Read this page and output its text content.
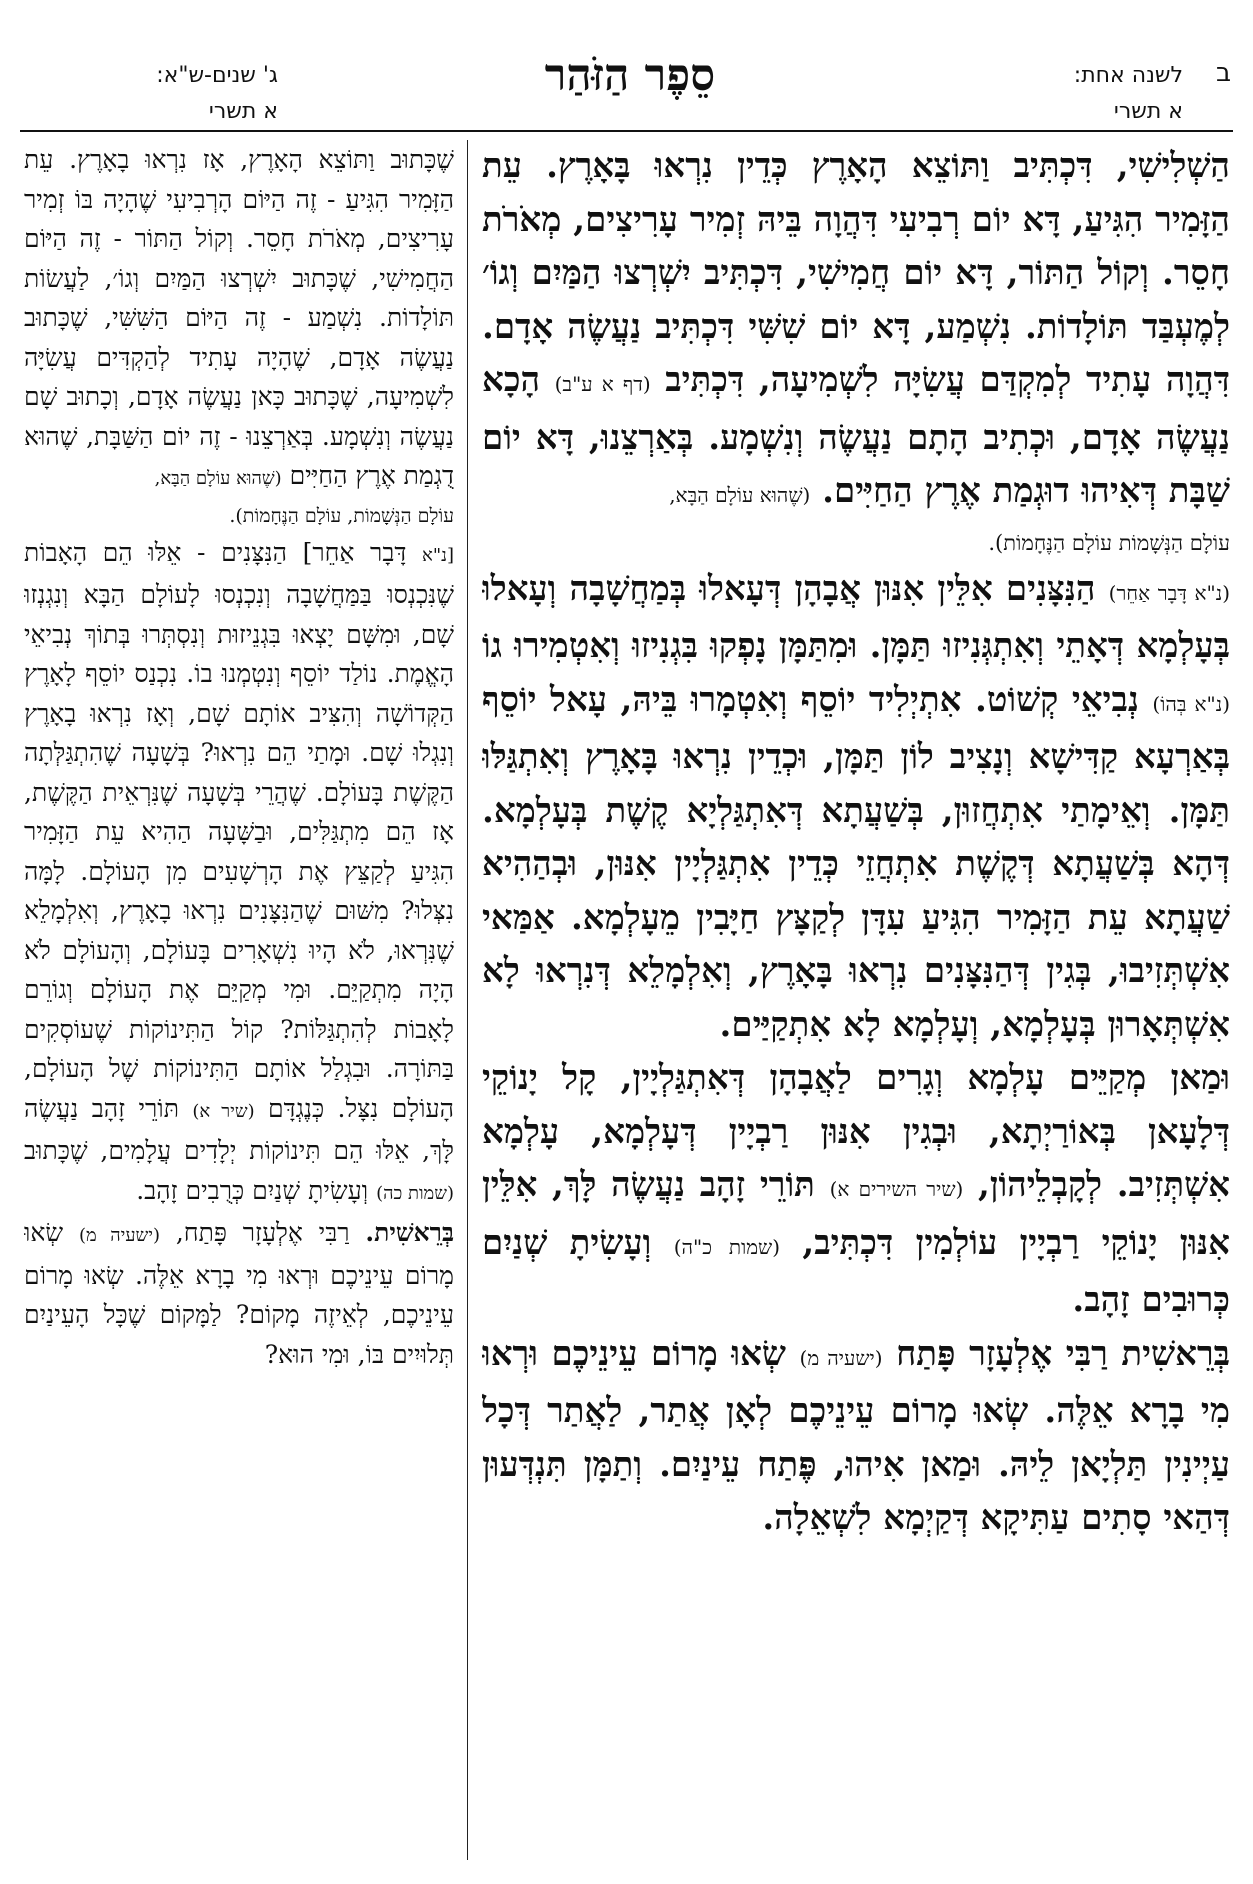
ב
לשנה אחת:
א תשרי
סֵפֶר הַזֹּהַר
ג' שנים-ש"א:
א תשרי

הַשְׁלִישִׁי, דִּכְתִּיב וַתּוֹצֵא הָאָרֶץ כְּדֵין נִרְאוּ בָּאָרֶץ. עֵת הַזָּמִיר הִגִּיעַ, דָּא יוֹם רְבִיעִי דִּהֲוָה בֵּיהּ זְמִיר עָרִיצִים, מְאֹרֹת חָסֵר. וְקוֹל הַתּוֹר, דָּא יוֹם חֲמִישִׁי, דִּכְתִּיב יִשְׁרְצוּ הַמַּיִם וְגוֹ׳ לְמֶעְבַּד תּוֹלָדוֹת. נִשְׁמַע, דָּא יוֹם שִׁשִּׁי דִּכְתִּיב נַעֲשֶׂה אָדָם. דִּהֲוָה עָתִיד לְמִקְדַּם עֲשִׂיָּה לִשְׁמִיעָה, דִּכְתִּיב (דף א ע"ב) הָכָא נַעֲשֶׂה אָדָם, וּכְתִיב הָתָם נַעֲשֶׂה וְנִשְׁמָע. בְּאַרְצֵנוּ, דָּא יוֹם שַׁבָּת דְּאִיהוּ דוּגְמַת אֶרֶץ הַחַיִּים. (שֶׁהוּא עוֹלָם הַבָּא,
עוֹלָם הַנְּשָׁמוֹת עוֹלָם הַנֶּחָמוֹת).

(נ"א דָּבָר אַחֵר) הַנִּצָּנִים אִלֵּין אִנּוּן אֲבָהָן דְּעָאלוּ בְּמַחֲשָׁבָה וְעָאלוּ בְּעָלְמָא דְּאָתֵי וְאִתְגְּנִיזוּ תַּמָּן. וּמִתַּמָּן נָפְקוּ בִּגְנִיזוּ וְאִטְמִירוּ גוֹ (נ"א בְּהוֹ) נְבִיאֵי קְשׁוֹט. אִתְיְלִיד יוֹסֵף וְאִטְמָרוּ בֵּיהּ, עָאל יוֹסֵף בְּאַרְעָא קַדִּישָׁא וְנָצִיב לוֹן תַּמָּן, וּכְדֵין נִרְאוּ בָּאָרֶץ וְאִתְגַּלּוּ תַּמָּן. וְאֵימָתַי אִתְחֲזוּן, בְּשַׁעֲתָא דְּאִתְגַּלְיָא קֶשֶׁת בְּעָלְמָא. דְּהָא בְּשַׁעֲתָא דְּקֶשֶׁת אִתְחֲזֵי כְּדֵין אִתְגַּלְיָין אִנּוּן, וּבְהַהִיא שַׁעֲתָא עֵת הַזָּמִיר הִגִּיעַ עִדָּן לְקַצָּץ חַיָּבִין מֵעָלְמָא. אַמַּאי אִשְׁתְּזִיבוּ, בְּגִין דְּהַנִּצָּנִים נִרְאוּ בָּאָרֶץ, וְאִלְמָלֵא דְּנִרְאוּ לָא אִשְׁתְּאָרוּן בְּעָלְמָא, וְעָלְמָא לָא אִתְקַיַּים.

וּמַאן מְקַיֵּים עָלְמָא וְגָרִים לַאֲבָהָן דְּאִתְגַּלְיָין, קָל יָנוֹקֵי דְּלָעָאן בְּאוֹרַיְתָא, וּבְגִין אִנּוּן רַבְיָין דְּעָלְמָא, עָלְמָא אִשְׁתְּזִיב. לְקָבְלֵיהוֹן, (שיר השירים א) תּוֹרֵי זָהָב נַעֲשֶׂה לָּךְ, אִלֵּין אִנּוּן יָנוֹקֵי רַבְיָין עוֹלְמִין דִּכְתִּיב, (שמות כ"ה) וְעָשִׂיתָ שְׁנַיִם כְּרוּבִים זָהָב.

בְּרֵאשִׁית רַבִּי אֶלְעָזָר פָּתַח (ישעיה מ) שְׂאוּ מָרוֹם עֵינֵיכֶם וּרְאוּ מִי בָרָא אֵלֶּה. שְׂאוּ מָרוֹם עֵינֵיכֶם לְאָן אֲתַר, לַאֲתַר דְּכָל עַיְינִין תַּלְיָאן לֵיהּ. וּמַאן אִיהוּ, פֶּתַח עֵינַיִם. וְתַמָּן תִּנְדְּעוּן דְּהַאי סָתִים עַתִּיקָא דְּקַיְמָא לִשְׁאֵלָה.

שֶׁכָּתוּב וַתּוֹצֵא הָאָרֶץ, אָז נִרְאוּ בָאָרֶץ. עֵת הַזָּמִיר הִגִּיעַ - זֶה הַיּוֹם הָרְבִיעִי שֶׁהָיָה בּוֹ זְמִיר עָרִיצִים, מְאֹרֹת חָסֵר. וְקוֹל הַתּוֹר - זֶה הַיּוֹם הַחֲמִישִׁי, שֶׁכָּתוּב יִשְׁרְצוּ הַמַּיִם וְגוֹ׳, לַעֲשׂוֹת תּוֹלָדוֹת. נִשְׁמַע - זֶה הַיּוֹם הַשִּׁשִּׁי, שֶׁכָּתוּב נַעֲשֶׂה אָדָם, שֶׁהָיָה עָתִיד לְהַקְדִּים עֲשִׂיָּה לִשְׁמִיעָה, שֶׁכָּתוּב כָּאן נַעֲשֶׂה אָדָם, וְכָתוּב שָׁם נַעֲשֶׂה וְנִשְׁמָע. בְּאַרְצֵנוּ - זֶה יוֹם הַשַּׁבָּת, שֶׁהוּא דֻגְמַת אֶרֶץ הַחַיִּים (שֶׁהוּא עוֹלָם הַבָּא,
עוֹלָם הַנְּשָׁמוֹת, עוֹלָם הַנֶּחָמוֹת).

[נ"א דָּבָר אַחֵר] הַנִּצָּנִים - אֵלּוּ הֵם הָאָבוֹת שֶׁנִּכְנְסוּ בַּמַּחֲשָׁבָה וְנִכְנְסוּ לָעוֹלָם הַבָּא וְנִגְנְזוּ שָׁם, וּמִשָּׁם יָצְאוּ בִּגְנֵיזוּת וְנִסְתְּרוּ בְּתוֹךְ נְבִיאֵי הָאֱמֶת. נוֹלַד יוֹסֵף וְנִטְמְנוּ בוֹ. נִכְנַס יוֹסֵף לָאָרֶץ הַקְּדוֹשָׁה וְהִצִּיב אוֹתָם שָׁם, וְאָז נִרְאוּ בָאָרֶץ וְנִגְלוּ שָׁם. וּמָתַי הֵם נִרְאוּ? בְּשָׁעָה שֶׁהִתְגַּלְּתָה הַקֶּשֶׁת בָּעוֹלָם. שֶׁהֲרֵי בְּשָׁעָה שֶׁנִּרְאֵית הַקֶּשֶׁת, אָז הֵם מִתְגַּלִּים, וּבַשָּׁעָה הַהִיא עֵת הַזָּמִיר הִגִּיעַ לְקַצֵּץ אֶת הָרְשָׁעִים מִן הָעוֹלָם. לָמָּה נִצְּלוּ? מִשּׁוּם שֶׁהַנִּצָּנִים נִרְאוּ בָאָרֶץ, וְאִלְמָלֵא שֶׁנִּרְאוּ, לֹא הָיוּ נִשְׁאָרִים בָּעוֹלָם, וְהָעוֹלָם לֹא הָיָה מִתְקַיֵּם. וּמִי מְקַיֵּם אֶת הָעוֹלָם וְגוֹרֵם לָאָבוֹת לְהִתְגַּלּוֹת? קוֹל הַתִּינוֹקוֹת שֶׁעוֹסְקִים בַּתּוֹרָה. וּבִגְלַל אוֹתָם הַתִּינוֹקוֹת שֶׁל הָעוֹלָם, הָעוֹלָם נִצָּל. כְּנֶגְדָּם (שיר א) תּוֹרֵי זָהָב נַעֲשֶׂה לָּךְ, אֵלּוּ הֵם תִּינוֹקוֹת יְלָדִים עֲלָמִים, שֶׁכָּתוּב (שמות כה) וְעָשִׂיתָ שְׁנַיִם כְּרֻבִים זָהָב.

בְּרֵאשִׁית. רַבִּי אֶלְעָזָר פָּתַח, (ישעיה מ) שְׂאוּ מָרוֹם עֵינֵיכֶם וּרְאוּ מִי בָרָא אֵלֶּה. שְׂאוּ מָרוֹם עֵינֵיכֶם, לְאֵיזֶה מָקוֹם? לַמָּקוֹם שֶׁכָּל הָעֵינַיִם תְּלוּיִים בּוֹ, וּמִי הוּא?
